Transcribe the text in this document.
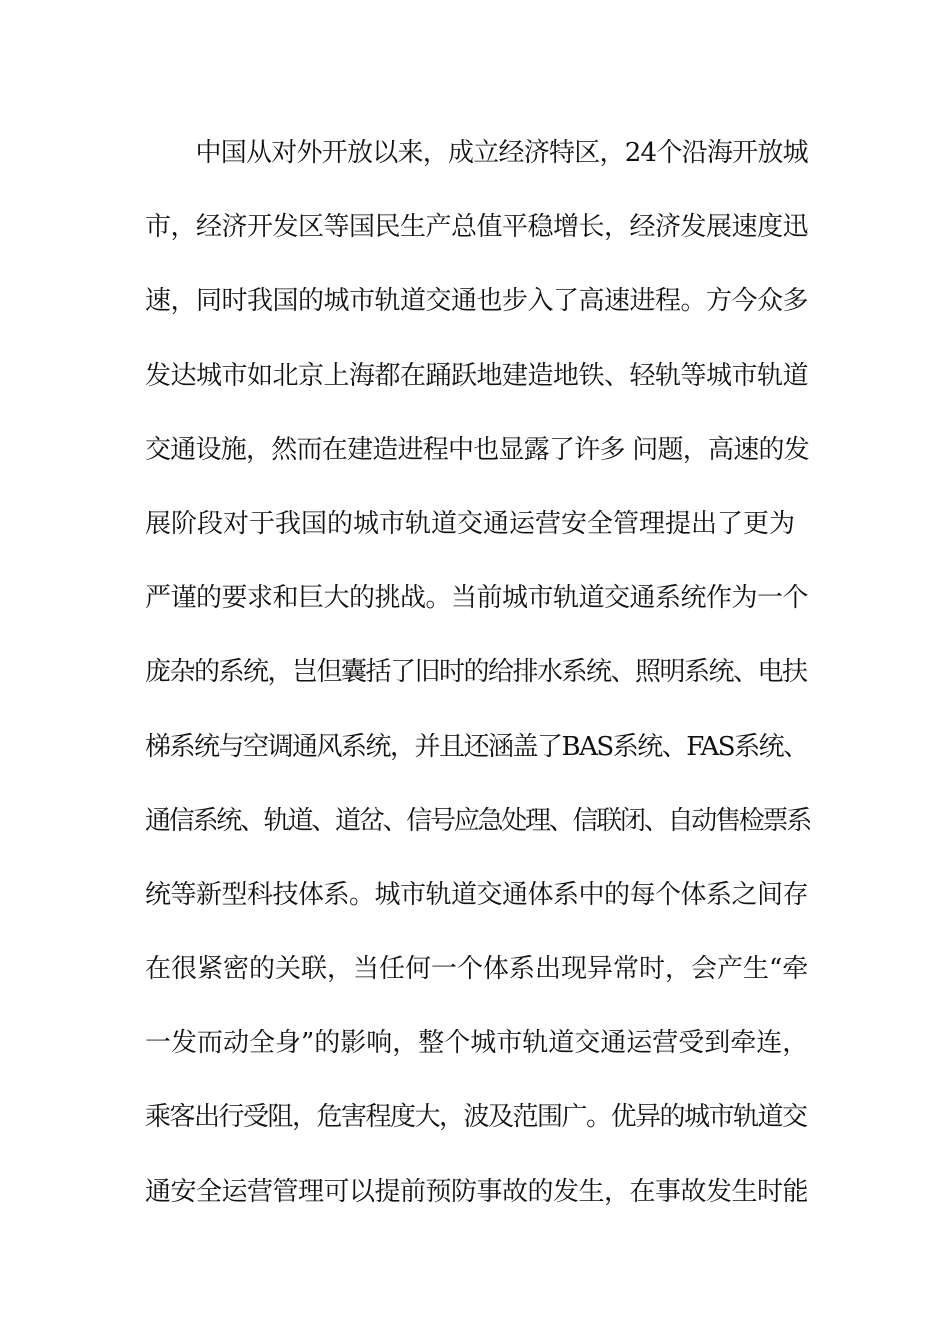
　　中国从对外开放以来，成立经济特区，24个沿海开放城
市，经济开发区等国民生产总值平稳增长，经济发展速度迅
速，同时我国的城市轨道交通也步入了高速进程。方今众多
发达城市如北京上海都在踊跃地建造地铁、轻轨等城市轨道
交通设施，然而在建造进程中也显露了许多 问题，高速的发
展阶段对于我国的城市轨道交通运营安全管理提出了更为
严谨的要求和巨大的挑战。当前城市轨道交通系统作为一个
庞杂的系统，岂但囊括了旧时的给排水系统、照明系统、电扶
梯系统与空调通风系统，并且还涵盖了BAS系统、FAS系统、
通信系统、轨道、道岔、信号应急处理、信联闭、自动售检票系
统等新型科技体系。城市轨道交通体系中的每个体系之间存
在很紧密的关联，当任何一个体系出现异常时，会产生“牵
一发而动全身”的影响，整个城市轨道交通运营受到牵连，
乘客出行受阻，危害程度大，波及范围广。优异的城市轨道交
通安全运营管理可以提前预防事故的发生，在事故发生时能
